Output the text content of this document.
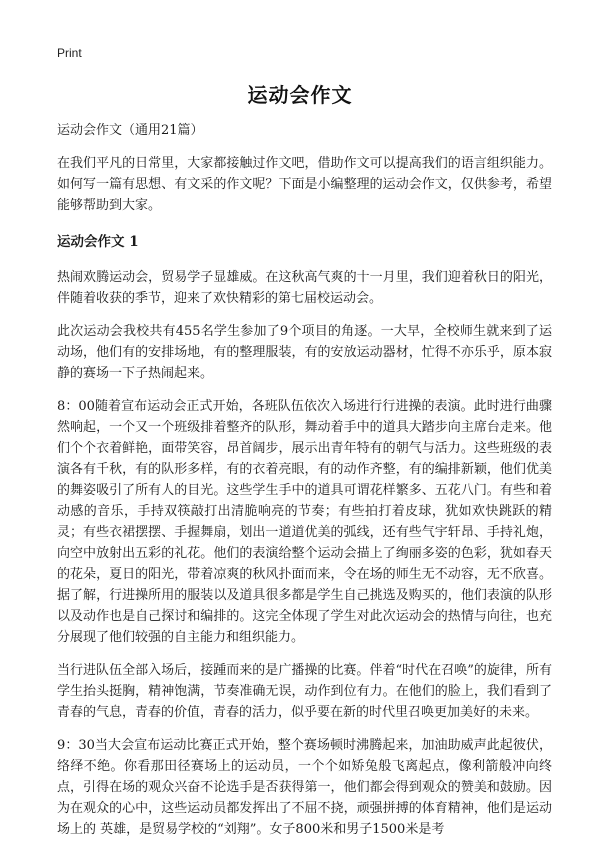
Print
运动会作文

运动会作文（通用21篇）

在我们平凡的日常里，大家都接触过作文吧，借助作文可以提高我们的语言组织能力。如何写一篇有思想、有文采的作文呢？下面是小编整理的运动会作文，仅供参考，希望能够帮助到大家。

运动会作文 1

热闹欢腾运动会，贸易学子显雄威。在这秋高气爽的十一月里，我们迎着秋日的阳光，伴随着收获的季节，迎来了欢快精彩的第七届校运动会。

此次运动会我校共有455名学生参加了9个项目的角逐。一大早，全校师生就来到了运动场，他们有的安排场地，有的整理服装，有的安放运动器材，忙得不亦乐乎，原本寂静的赛场一下子热闹起来。

8：00随着宣布运动会正式开始，各班队伍依次入场进行行进操的表演。此时进行曲骤然响起，一个又一个班级排着整齐的队形，舞动着手中的道具大踏步向主席台走来。他们个个衣着鲜艳，面带笑容，昂首阔步，展示出青年特有的朝气与活力。这些班级的表演各有千秋，有的队形多样，有的衣着亮眼，有的动作齐整，有的编排新颖，他们优美的舞姿吸引了所有人的目光。这些学生手中的道具可谓花样繁多、五花八门。有些和着动感的音乐，手持双筷敲打出清脆响亮的节奏；有些拍打着皮球，犹如欢快跳跃的精灵；有些衣裙摆摆、手握舞扇，划出一道道优美的弧线，还有些气宇轩昂、手持礼炮，向空中放射出五彩的礼花。他们的表演给整个运动会描上了绚丽多姿的色彩，犹如春天的花朵，夏日的阳光，带着凉爽的秋风扑面而来，令在场的师生无不动容，无不欣喜。据了解，行进操所用的服装以及道具很多都是学生自己挑选及购买的，他们表演的队形以及动作也是自己探讨和编排的。这完全体现了学生对此次运动会的热情与向往，也充分展现了他们较强的自主能力和组织能力。

当行进队伍全部入场后，接踵而来的是广播操的比赛。伴着“时代在召唤”的旋律，所有学生抬头挺胸，精神饱满，节奏准确无误，动作到位有力。在他们的脸上，我们看到了青春的气息，青春的价值，青春的活力，似乎要在新的时代里召唤更加美好的未来。

9：30当大会宣布运动比赛正式开始，整个赛场顿时沸腾起来，加油助威声此起彼伏，络绎不绝。你看那田径赛场上的运动员，一个个如矫兔般飞离起点，像利箭般冲向终点，引得在场的观众兴奋不论选手是否获得第一，他们都会得到观众的赞美和鼓励。因为在观众的心中，这些运动员都发挥出了不屈不挠，顽强拼搏的体育精神，他们是运动场上的 英雄，是贸易学校的“刘翔”。女子800米和男子1500米是考
